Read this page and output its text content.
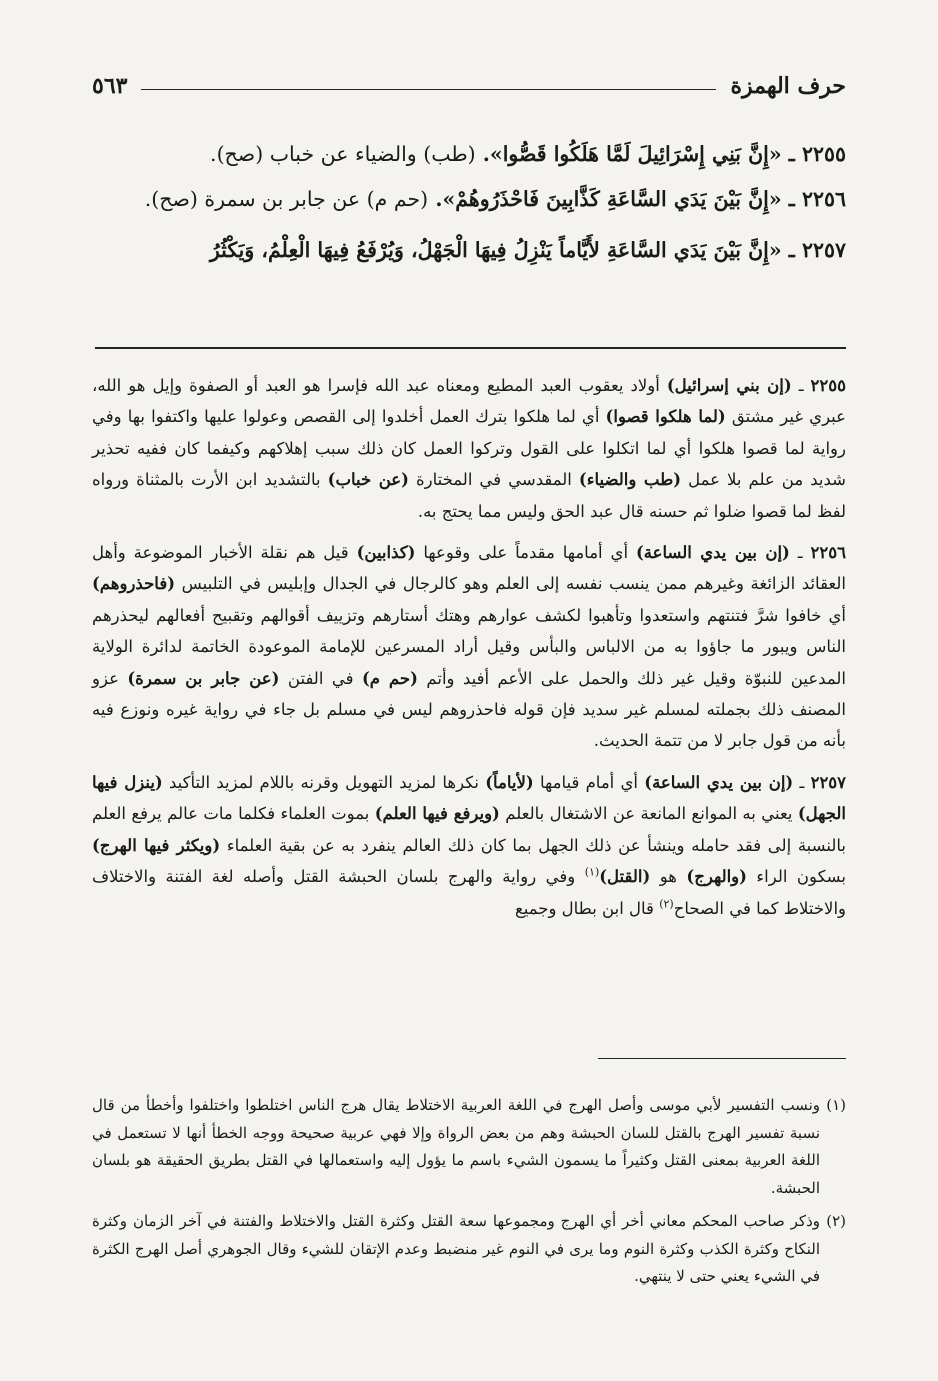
حرف الهمزة
٥٦٣

٢٢٥٥ ـ «إِنَّ بَنِي إِسْرَائِيلَ لَمَّا هَلَكُوا قَصُّوا». (طب) والضياء عن خباب (صح).

٢٢٥٦ ـ «إِنَّ بَيْنَ يَدَي السَّاعَةِ كَذَّابِينَ فَاحْذَرُوهُمْ». (حم م) عن جابر بن سمرة (صح).

٢٢٥٧ ـ «إِنَّ بَيْنَ يَدَي السَّاعَةِ لأَيَّاماً يَنْزِلُ فِيهَا الْجَهْلُ، وَيُرْفَعُ فِيهَا الْعِلْمُ، وَيَكْثُرُ

٢٢٥٥ ـ (إن بني إسرائيل) أولاد يعقوب العبد المطيع ومعناه عبد الله فإسرا هو العبد أو الصفوة وإيل هو الله، عبري غير مشتق (لما هلكوا قصوا) أي لما هلكوا بترك العمل أخلدوا إلى القصص وعولوا عليها واكتفوا بها وفي رواية لما قصوا هلكوا أي لما اتكلوا على القول وتركوا العمل كان ذلك سبب إهلاكهم وكيفما كان ففيه تحذير شديد من علم بلا عمل (طب والضياء) المقدسي في المختارة (عن خباب) بالتشديد ابن الأرت بالمثناة ورواه لفظ لما قصوا ضلوا ثم حسنه قال عبد الحق وليس مما يحتج به.

٢٢٥٦ ـ (إن بين يدي الساعة) أي أمامها مقدماً على وقوعها (كذابين) قيل هم نقلة الأخبار الموضوعة وأهل العقائد الزائغة وغيرهم ممن ينسب نفسه إلى العلم وهو كالرجال في الجدال وإبليس في التلبيس (فاحذروهم) أي خافوا شرَّ فتنتهم واستعدوا وتأهبوا لكشف عوارهم وهتك أستارهم وتزييف أقوالهم وتقبيح أفعالهم ليحذرهم الناس ويبور ما جاؤوا به من الالباس والبأس وقيل أراد المسرعين للإمامة الموعودة الخاتمة لدائرة الولاية المدعين للنبوّة وقيل غير ذلك والحمل على الأعم أفيد وأتم (حم م) في الفتن (عن جابر بن سمرة) عزو المصنف ذلك بجملته لمسلم غير سديد فإن قوله فاحذروهم ليس في مسلم بل جاء في رواية غيره ونوزع فيه بأنه من قول جابر لا من تتمة الحديث.

٢٢٥٧ ـ (إن بين يدي الساعة) أي أمام قيامها (لأياماً) نكرها لمزيد التهويل وقرنه باللام لمزيد التأكيد (ينزل فيها الجهل) يعني به الموانع المانعة عن الاشتغال بالعلم (ويرفع فيها العلم) بموت العلماء فكلما مات عالم يرفع العلم بالنسبة إلى فقد حامله وينشأ عن ذلك الجهل بما كان ذلك العالم ينفرد به عن بقية العلماء (ويكثر فيها الهرج) بسكون الراء (والهرج) هو (القتل)$^{(١)}$ وفي رواية والهرج بلسان الحبشة القتل وأصله لغة الفتنة والاختلاف والاختلاط كما في الصحاح$^{(٢)}$ قال ابن بطال وجميع

(١)
ونسب التفسير لأبي موسى وأصل الهرج في اللغة العربية الاختلاط يقال هرج الناس اختلطوا واختلفوا وأخطأ من قال نسبة تفسير الهرج بالقتل للسان الحبشة وهم من بعض الرواة وإلا فهي عربية صحيحة ووجه الخطأ أنها لا تستعمل في اللغة العربية بمعنى القتل وكثيراً ما يسمون الشيء باسم ما يؤول إليه واستعمالها في القتل بطريق الحقيقة هو بلسان الحبشة.

(٢)
وذكر صاحب المحكم معاني أخر أي الهرج ومجموعها سعة القتل وكثرة القتل والاختلاط والفتنة في آخر الزمان وكثرة النكاح وكثرة الكذب وكثرة النوم وما يرى في النوم غير منضبط وعدم الإتقان للشيء وقال الجوهري أصل الهرج الكثرة في الشيء يعني حتى لا ينتهي.
